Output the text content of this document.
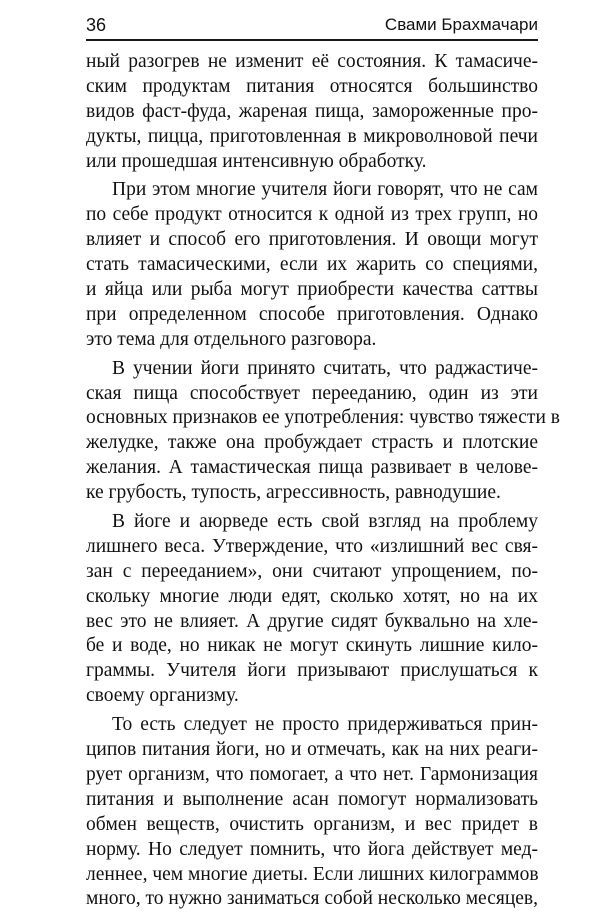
36	Свами Брахмачари
ный разогрев не изменит её состояния. К тамасиче-
ским продуктам питания относятся большинство
видов фаст-фуда, жареная пища, замороженные про-
дукты, пицца, приготовленная в микроволновой печи
или прошедшая интенсивную обработку.
При этом многие учителя йоги говорят, что не сам
по себе продукт относится к одной из трех групп, но
влияет и способ его приготовления. И овощи могут
стать тамасическими, если их жарить со специями,
и яйца или рыба могут приобрести качества саттвы
при определенном способе приготовления. Однако
это тема для отдельного разговора.
В учении йоги принято считать, что раджастиче-
ская пища способствует перееданию, один из эти
основных признаков ее употребления: чувство тяжести в
желудке, также она пробуждает страсть и плотские
желания. А тамастическая пища развивает в челове-
ке грубость, тупость, агрессивность, равнодушие.
В йоге и аюрведе есть свой взгляд на проблему
лишнего веса. Утверждение, что «излишний вес свя-
зан с перееданием», они считают упрощением, по-
скольку многие люди едят, сколько хотят, но на их
вес это не влияет. А другие сидят буквально на хле-
бе и воде, но никак не могут скинуть лишние кило-
граммы. Учителя йоги призывают прислушаться к
своему организму.
То есть следует не просто придерживаться прин-
ципов питания йоги, но и отмечать, как на них реаги-
рует организм, что помогает, а что нет. Гармонизация
питания и выполнение асан помогут нормализовать
обмен веществ, очистить организм, и вес придет в
норму. Но следует помнить, что йога действует мед-
леннее, чем многие диеты. Если лишних килограммов
много, то нужно заниматься собой несколько месяцев,
